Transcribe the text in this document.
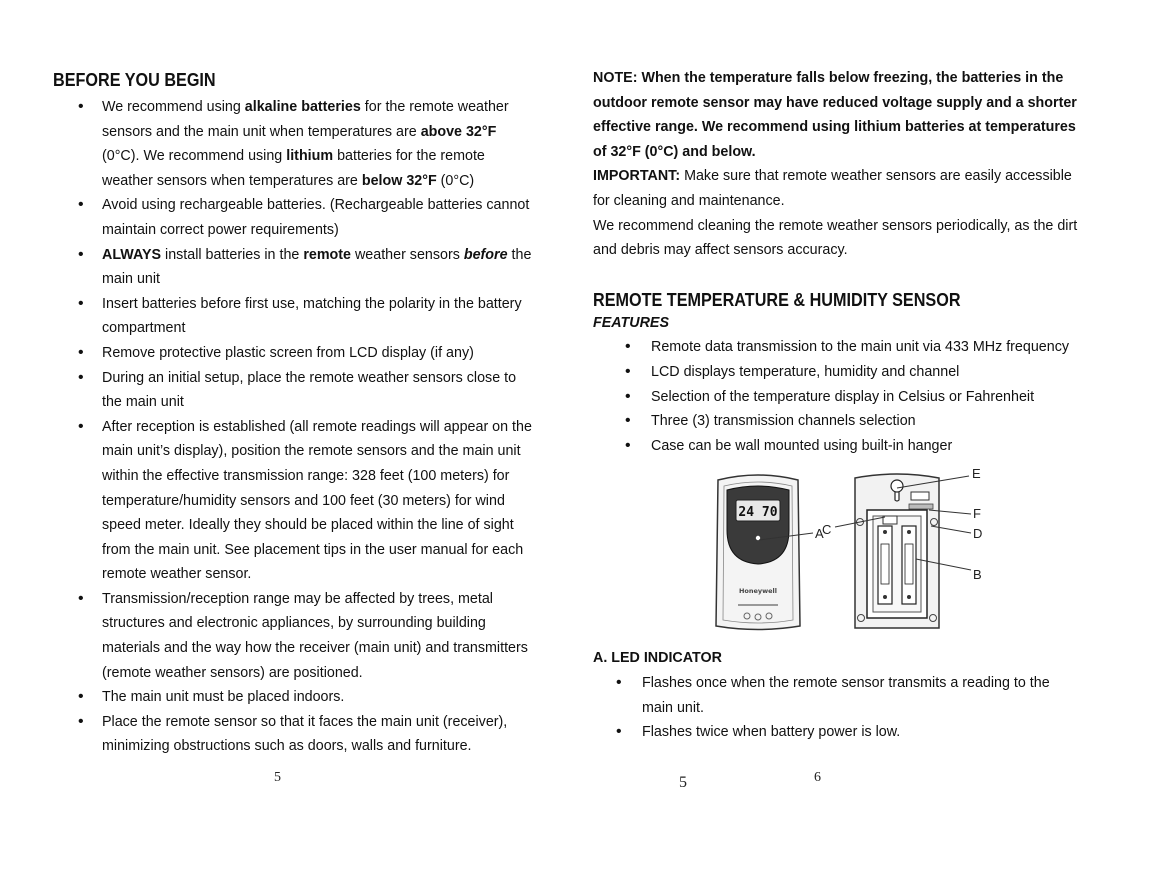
BEFORE YOU BEGIN
• We recommend using alkaline batteries for the remote weather sensors and the main unit when temperatures are above 32°F (0°C). We recommend using lithium batteries for the remote weather sensors when temperatures are below 32°F (0°C)
• Avoid using rechargeable batteries. (Rechargeable batteries cannot maintain correct power requirements)
• ALWAYS install batteries in the remote weather sensors before the main unit
• Insert batteries before first use, matching the polarity in the battery compartment
• Remove protective plastic screen from LCD display (if any)
• During an initial setup, place the remote weather sensors close to the main unit
• After reception is established (all remote readings will appear on the main unit’s display), position the remote sensors and the main unit within the effective transmission range: 328 feet (100 meters) for temperature/humidity sensors and 100 feet (30 meters) for wind speed meter. Ideally they should be placed within the line of sight from the main unit. See placement tips in the user manual for each remote weather sensor.
• Transmission/reception range may be affected by trees, metal structures and electronic appliances, by surrounding building materials and the way how the receiver (main unit) and transmitters (remote weather sensors) are positioned.
• The main unit must be placed indoors.
• Place the remote sensor so that it faces the main unit (receiver), minimizing obstructions such as doors, walls and furniture.

NOTE: When the temperature falls below freezing, the batteries in the outdoor remote sensor may have reduced voltage supply and a shorter effective range. We recommend using lithium batteries at temperatures of 32°F (0°C) and below.

IMPORTANT: Make sure that remote weather sensors are easily accessible for cleaning and maintenance.

We recommend cleaning the remote weather sensors periodically, as the dirt and debris may affect sensors accuracy.

REMOTE TEMPERATURE & HUMIDITY SENSOR
FEATURES
• Remote data transmission to the main unit via 433 MHz frequency
• LCD displays temperature, humidity and channel
• Selection of the temperature display in Celsius or Fahrenheit
• Three (3) transmission channels selection
• Case can be wall mounted using built-in hanger
24 70
Honeywell
A
B
C	D
E
F
A. LED INDICATOR
• Flashes once when the remote sensor transmits a reading to the main unit.
• Flashes twice when battery power is low.
5	5	6
